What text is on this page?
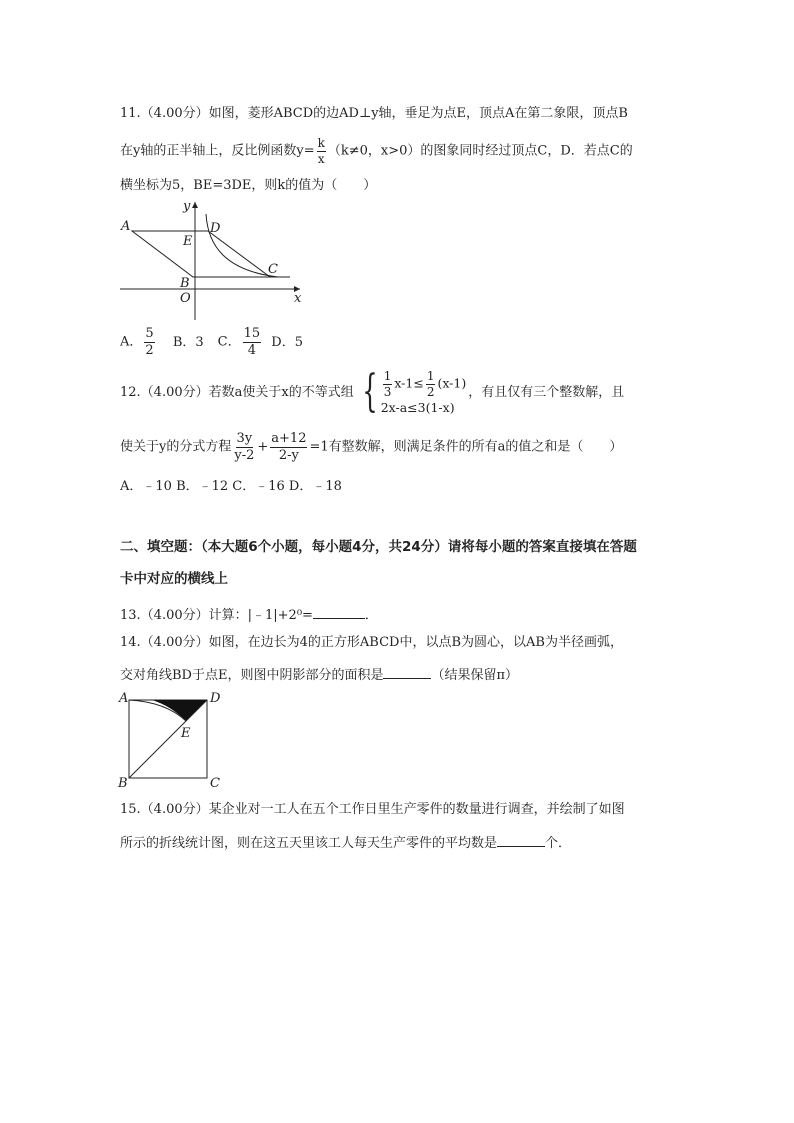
11.（4.00分）如图，菱形ABCD的边AD⊥y轴，垂足为点E，顶点A在第二象限，顶点B
在y轴的正半轴上，反比例函数$y= \frac{k}{x} (k\ne 0$，x>0）的图象同时经过顶点C，D．若点C的
横坐标为5，BE=3DE，则k的值为（　　）
y
x
A	D
E
B
C
O
A． $\frac{5}{2}$ B．3 C． $\frac{15}{4}$ D．5
12.（4.00分）若数a使关于x的不等式组 { $\frac{1}{3} x-1\le \frac{1}{2} (x-1)$
2x-a≤3(1-x)
，有且仅有三个整数解，且
使关于y的分式方程 $\frac{3y}{y-2} + \frac{a+12}{2-y} =1$有整数解，则满足条件的所有a的值之和是（　　）
A．﹣10 B．﹣12 C．﹣16 D．﹣18
二、填空题：（本大题6个小题，每小题4分，共24分）请将每小题的答案直接填在答题
卡中对应的横线上
13.（4.00分）计算：|﹣1|+2⁰=	．
14.（4.00分）如图，在边长为4的正方形ABCD中，以点B为圆心，以AB为半径画弧，
交对角线BD于点E，则图中阴影部分的面积是	（结果保留π）
A	D
E
B	C
15.（4.00分）某企业对一工人在五个工作日里生产零件的数量进行调查，并绘制了如图
所示的折线统计图，则在这五天里该工人每天生产零件的平均数是	个．
